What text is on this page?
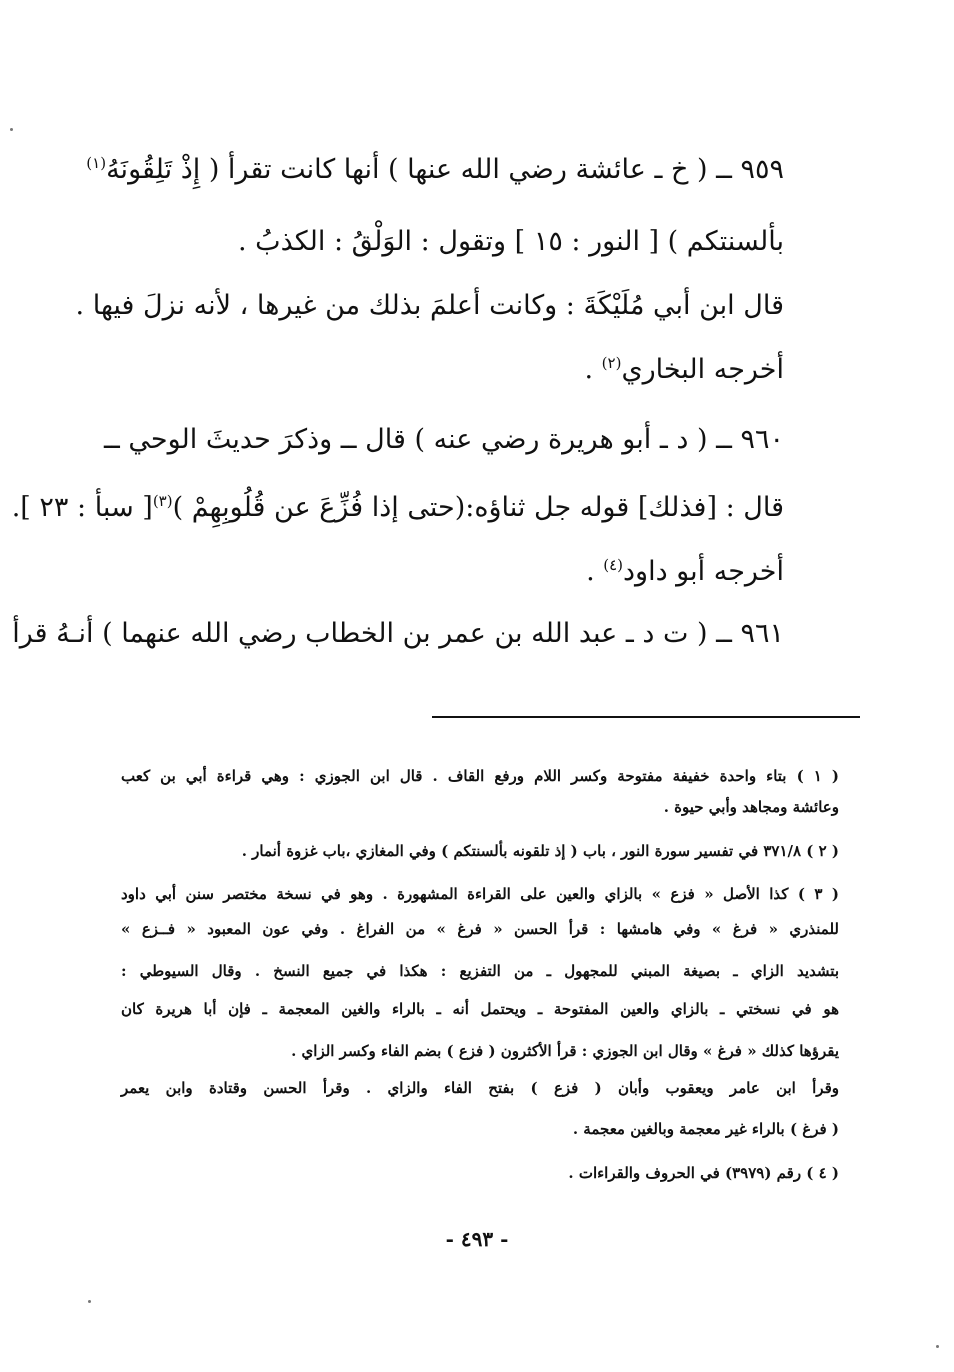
٩٥٩ ــ ( خ ـ عائشة رضي الله عنها ) أنها كانت تقرأ ( إِذْ تَلِقُونَهُ$^{(١)}$
بألسنتكم ) [ النور : ١٥ ] وتقول : الوَلْقُ : الكذبُ .
قال ابن أبي مُلَيْكَةَ : وكانت أعلمَ بذلك من غيرها ، لأنه نزلَ فيها .
أخرجه البخاري$^{(٢)}$ .
٩٦٠ ــ ( د ـ أبو هريرة رضي عنه ) قال ــ وذكرَ حديثَ الوحي ــ
قال : [فذلك] قوله جل ثناؤه:(حتى إذا فُزِّعَ عن قُلُوبِهِمْ )$^{(٣)}$[ سبأ : ٢٣ ].
أخرجه أبو داود$^{(٤)}$ .
٩٦١ ــ ( ت د ـ عبد الله بن عمر بن الخطاب رضي الله عنهما ) أنـهُ قرأ
( ١ ) بتاء واحدة خفيفة مفتوحة وكسر اللام ورفع القاف . قال ابن الجوزي : وهي قراءة أبي بن كعب
وعائشة ومجاهد وأبي حيوة .
( ٢ ) ٣٧١/٨ في تفسير سورة النور ، باب ( إذ تلقونه بألسنتكم ) وفي المغازي ،باب غزوة أنمار .
( ٣ ) كذا الأصل « فزع » بالزاي والعين على القراءة المشهورة . وهو في نسخة مختصر سنن أبي داود
للمنذري « فرغ » وفي هامشها : قرأ الحسن « فرغ » من الفراغ . وفي عون المعبود « فــزع »
بتشديد الزاي ـ بصيغة المبني للمجهول ـ من التفزيع : هكذا في جميع النسخ . وقال السيوطي :
هو في نسختي ـ بالزاي والعين المفتوحة ـ ويحتمل أنه ـ بالراء والغين المعجمة ـ فإن أبا هريرة كان
يقرؤها كذلك « فرغ » وقال ابن الجوزي : قرأ الأكثرون ( فزع ) بضم الفاء وكسر الزاي .
وقرأ ابن عامر ويعقوب وأبان ( فزع ) بفتح الفاء والزاي . وقرأ الحسن وقتادة وابن يعمر
( فرغ ) بالراء غير معجمة وبالغين معجمة .
( ٤ ) رقم (٣٩٧٩) في الحروف والقراءات .
- ٤٩٣ -
